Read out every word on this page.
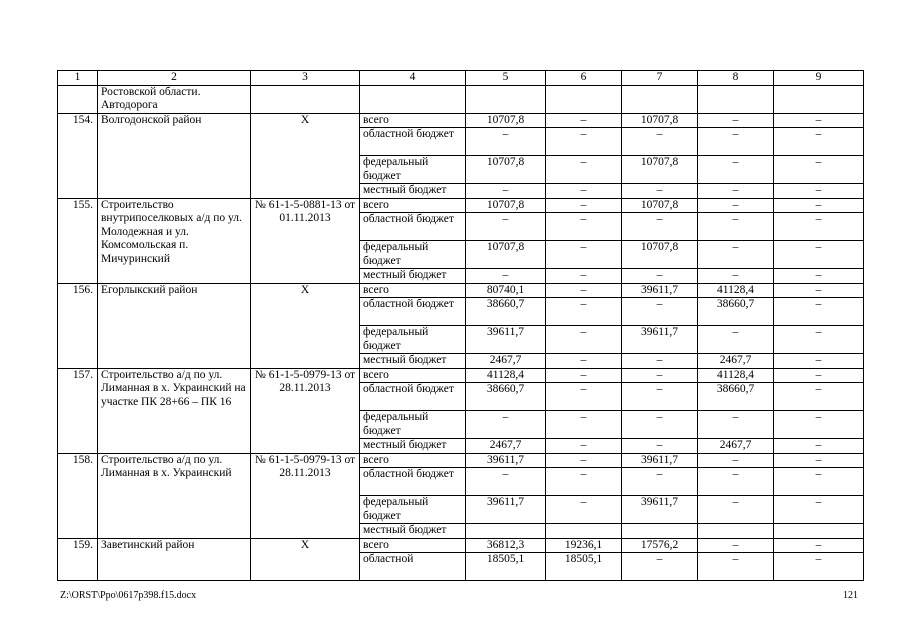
1	2	3	4	5	6	7	8	9
	Ростовской области. Автодорога							
154.	Волгодонской район	Х	всего	10707,8	–	10707,8	–	–
			областной бюджет	–	–	–	–	–
			федеральный бюджет	10707,8	–	10707,8	–	–
			местный бюджет	–	–	–	–	–
155.	Строительство внутрипоселковых а/д по ул. Молодежная и ул. Комсомольская п. Мичуринский	№ 61-1-5-0881-13 от 01.11.2013	всего	10707,8	–	10707,8	–	–
			областной бюджет	–	–	–	–	–
			федеральный бюджет	10707,8	–	10707,8	–	–
			местный бюджет	–	–	–	–	–
156.	Егорлыкский район	Х	всего	80740,1	–	39611,7	41128,4	–
			областной бюджет	38660,7	–	–	38660,7	–
			федеральный бюджет	39611,7	–	39611,7	–	–
			местный бюджет	2467,7	–	–	2467,7	–
157.	Строительство а/д по ул. Лиманная в х. Украинский на участке ПК 28+66 – ПК 16	№ 61-1-5-0979-13 от 28.11.2013	всего	41128,4	–	–	41128,4	–
			областной бюджет	38660,7	–	–	38660,7	–
			федеральный бюджет	–	–	–	–	–
			местный бюджет	2467,7	–	–	2467,7	–
158.	Строительство а/д по ул. Лиманная в х. Украинский	№ 61-1-5-0979-13 от 28.11.2013	всего	39611,7	–	39611,7	–	–
			областной бюджет	–	–	–	–	–
			федеральный бюджет	39611,7	–	39611,7	–	–
			местный бюджет					
159.	Заветинский район	Х	всего	36812,3	19236,1	17576,2	–	–
			областной	18505,1	18505,1	–	–	–
Z:\ORST\Ppo\0617p398.f15.docx	121
